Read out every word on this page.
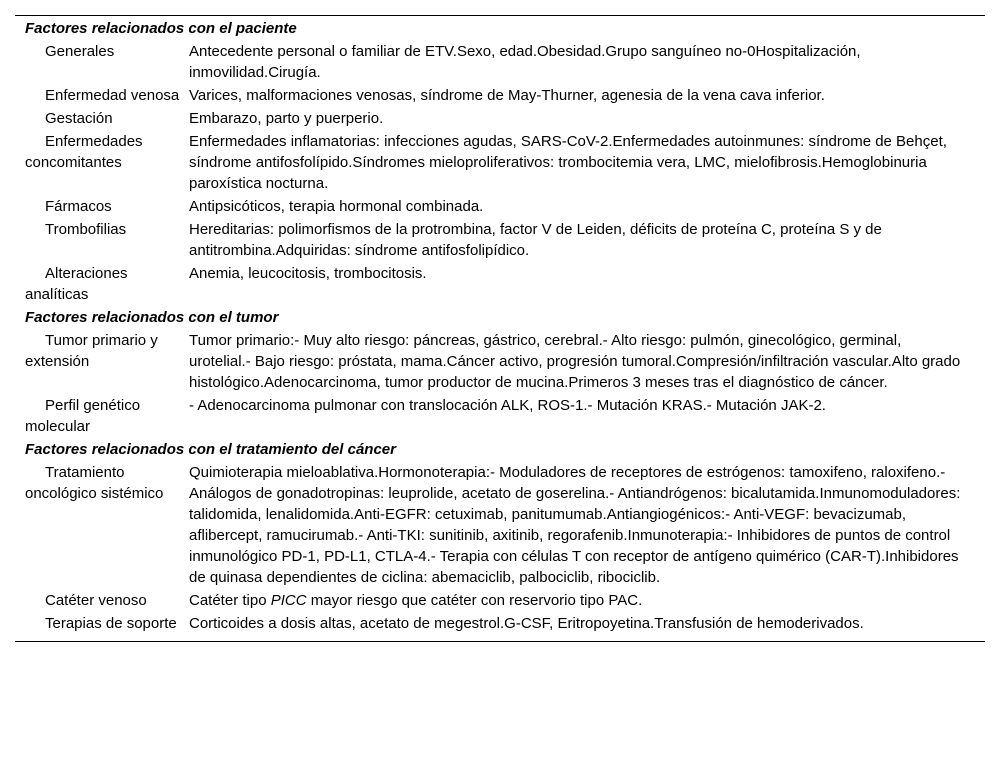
Factores relacionados con el paciente	
Generales	Antecedente personal o familiar de ETV.Sexo, edad.Obesidad.Grupo sanguíneo no-0Hospitalización, inmovilidad.Cirugía.
Enfermedad venosa	Varices, malformaciones venosas, síndrome de May-Thurner, agenesia de la vena cava inferior.
Gestación	Embarazo, parto y puerperio.
Enfermedades concomitantes	Enfermedades inflamatorias: infecciones agudas, SARS-CoV-2.Enfermedades autoinmunes: síndrome de Behçet, síndrome antifosfolípido.Síndromes mieloproliferativos: trombocitemia vera, LMC, mielofibrosis.Hemoglobinuria paroxística nocturna.
Fármacos	Antipsicóticos, terapia hormonal combinada.
Trombofilias	Hereditarias: polimorfismos de la protrombina, factor V de Leiden, déficits de proteína C, proteína S y de antitrombina.Adquiridas: síndrome antifosfolipídico.
Alteraciones analíticas	Anemia, leucocitosis, trombocitosis.
Factores relacionados con el tumor	
Tumor primario y extensión	Tumor primario:- Muy alto riesgo: páncreas, gástrico, cerebral.- Alto riesgo: pulmón, ginecológico, germinal, urotelial.- Bajo riesgo: próstata, mama.Cáncer activo, progresión tumoral.Compresión/infiltración vascular.Alto grado histológico.Adenocarcinoma, tumor productor de mucina.Primeros 3 meses tras el diagnóstico de cáncer.
Perfil genético molecular	- Adenocarcinoma pulmonar con translocación ALK, ROS-1.- Mutación KRAS.- Mutación JAK-2.
Factores relacionados con el tratamiento del cáncer	
Tratamiento oncológico sistémico	Quimioterapia mieloablativa.Hormonoterapia:- Moduladores de receptores de estrógenos: tamoxifeno, raloxifeno.- Análogos de gonadotropinas: leuprolide, acetato de goserelina.- Antiandrógenos: bicalutamida.Inmunomoduladores: talidomida, lenalidomida.Anti-EGFR: cetuximab, panitumumab.Antiangiogénicos:- Anti-VEGF: bevacizumab, aflibercept, ramucirumab.- Anti-TKI: sunitinib, axitinib, regorafenib.Inmunoterapia:- Inhibidores de puntos de control inmunológico PD-1, PD-L1, CTLA-4.- Terapia con células T con receptor de antígeno quimérico (CAR-T).Inhibidores de quinasa dependientes de ciclina: abemaciclib, palbociclib, ribociclib.
Catéter venoso	Catéter tipo PICC mayor riesgo que catéter con reservorio tipo PAC.
Terapias de soporte	Corticoides a dosis altas, acetato de megestrol.G-CSF, Eritropoyetina.Transfusión de hemoderivados.
